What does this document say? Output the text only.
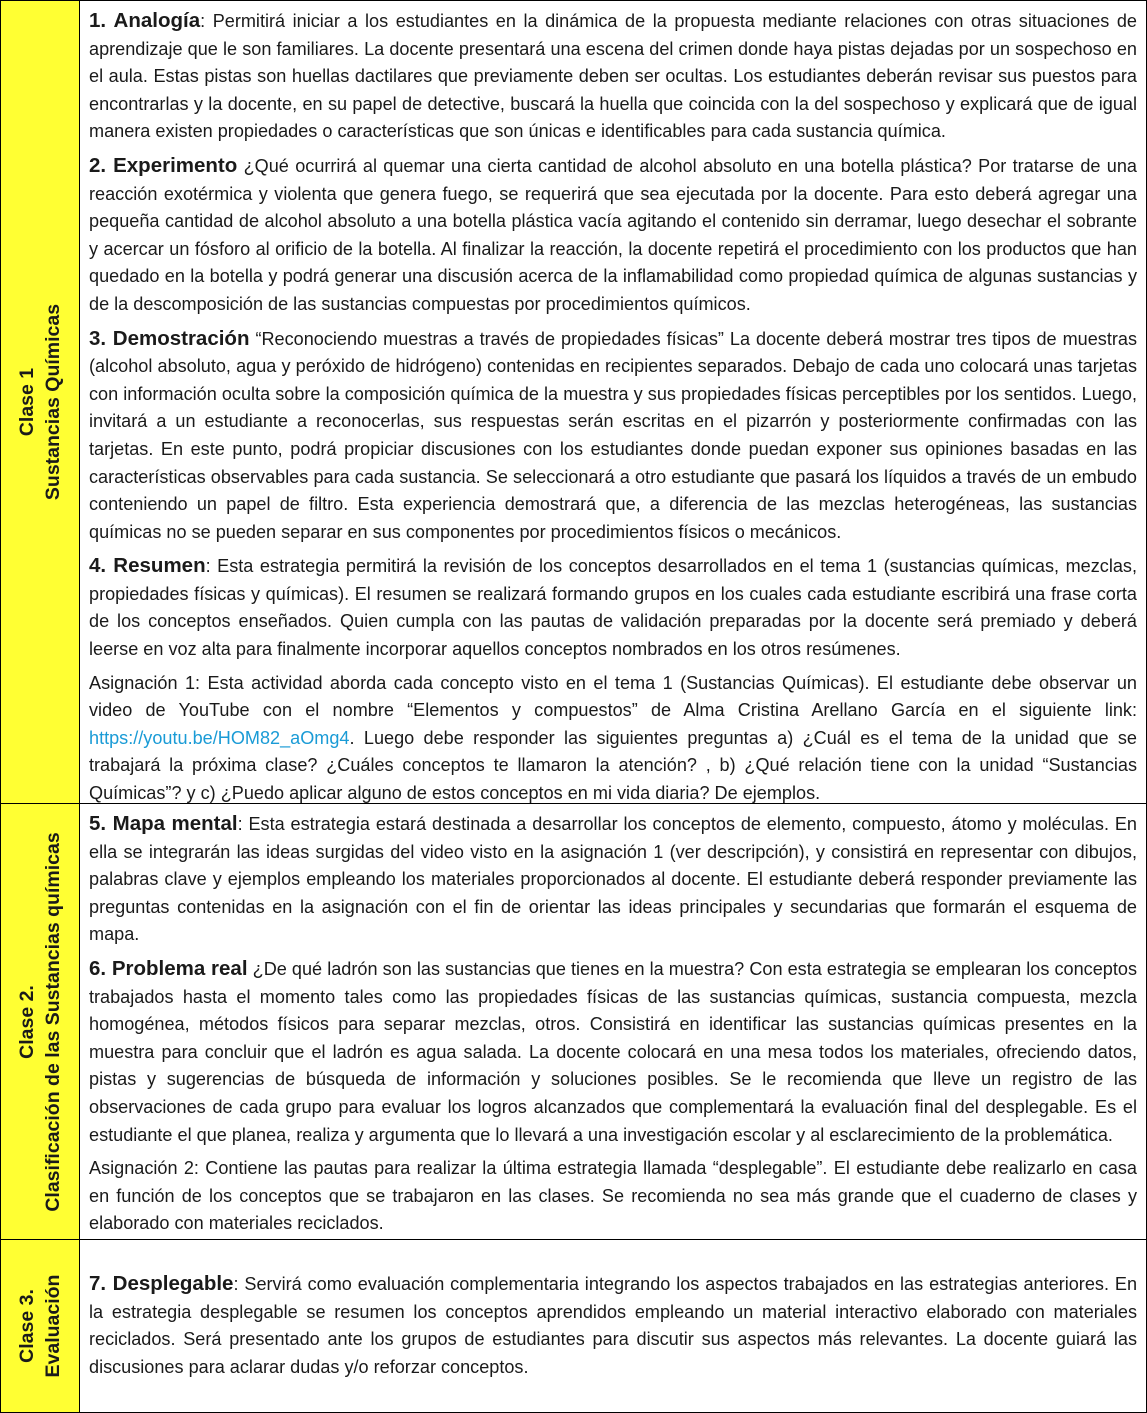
Clase 1 Sustancias Químicas

1. Analogía: Permitirá iniciar a los estudiantes en la dinámica de la propuesta mediante relaciones con otras situaciones de aprendizaje que le son familiares. La docente presentará una escena del crimen donde haya pistas dejadas por un sospechoso en el aula. Estas pistas son huellas dactilares que previamente deben ser ocultas. Los estudiantes deberán revisar sus puestos para encontrarlas y la docente, en su papel de detective, buscará la huella que coincida con la del sospechoso y explicará que de igual manera existen propiedades o características que son únicas e identificables para cada sustancia química.

2. Experimento ¿Qué ocurrirá al quemar una cierta cantidad de alcohol absoluto en una botella plástica? Por tratarse de una reacción exotérmica y violenta que genera fuego, se requerirá que sea ejecutada por la docente. Para esto deberá agregar una pequeña cantidad de alcohol absoluto a una botella plástica vacía agitando el contenido sin derramar, luego desechar el sobrante y acercar un fósforo al orificio de la botella. Al finalizar la reacción, la docente repetirá el procedimiento con los productos que han quedado en la botella y podrá generar una discusión acerca de la inflamabilidad como propiedad química de algunas sustancias y de la descomposición de las sustancias compuestas por procedimientos químicos.

3. Demostración “Reconociendo muestras a través de propiedades físicas” La docente deberá mostrar tres tipos de muestras (alcohol absoluto, agua y peróxido de hidrógeno) contenidas en recipientes separados. Debajo de cada uno colocará unas tarjetas con información oculta sobre la composición química de la muestra y sus propiedades físicas perceptibles por los sentidos. Luego, invitará a un estudiante a reconocerlas, sus respuestas serán escritas en el pizarrón y posteriormente confirmadas con las tarjetas. En este punto, podrá propiciar discusiones con los estudiantes donde puedan exponer sus opiniones basadas en las características observables para cada sustancia. Se seleccionará a otro estudiante que pasará los líquidos a través de un embudo conteniendo un papel de filtro. Esta experiencia demostrará que, a diferencia de las mezclas heterogéneas, las sustancias químicas no se pueden separar en sus componentes por procedimientos físicos o mecánicos.

4. Resumen: Esta estrategia permitirá la revisión de los conceptos desarrollados en el tema 1 (sustancias químicas, mezclas, propiedades físicas y químicas). El resumen se realizará formando grupos en los cuales cada estudiante escribirá una frase corta de los conceptos enseñados. Quien cumpla con las pautas de validación preparadas por la docente será premiado y deberá leerse en voz alta para finalmente incorporar aquellos conceptos nombrados en los otros resúmenes.

Asignación 1: Esta actividad aborda cada concepto visto en el tema 1 (Sustancias Químicas). El estudiante debe observar un video de YouTube con el nombre “Elementos y compuestos” de Alma Cristina Arellano García en el siguiente link: https://youtu.be/HOM82_aOmg4. Luego debe responder las siguientes preguntas a) ¿Cuál es el tema de la unidad que se trabajará la próxima clase? ¿Cuáles conceptos te llamaron la atención? , b) ¿Qué relación tiene con la unidad “Sustancias Químicas”? y c) ¿Puedo aplicar alguno de estos conceptos en mi vida diaria? De ejemplos.

Clase 2. Clasificación de las Sustancias químicas

5. Mapa mental: Esta estrategia estará destinada a desarrollar los conceptos de elemento, compuesto, átomo y moléculas. En ella se integrarán las ideas surgidas del video visto en la asignación 1 (ver descripción), y consistirá en representar con dibujos, palabras clave y ejemplos empleando los materiales proporcionados al docente. El estudiante deberá responder previamente las preguntas contenidas en la asignación con el fin de orientar las ideas principales y secundarias que formarán el esquema de mapa.

6. Problema real ¿De qué ladrón son las sustancias que tienes en la muestra? Con esta estrategia se emplearan los conceptos trabajados hasta el momento tales como las propiedades físicas de las sustancias químicas, sustancia compuesta, mezcla homogénea, métodos físicos para separar mezclas, otros. Consistirá en identificar las sustancias químicas presentes en la muestra para concluir que el ladrón es agua salada. La docente colocará en una mesa todos los materiales, ofreciendo datos, pistas y sugerencias de búsqueda de información y soluciones posibles. Se le recomienda que lleve un registro de las observaciones de cada grupo para evaluar los logros alcanzados que complementará la evaluación final del desplegable. Es el estudiante el que planea, realiza y argumenta que lo llevará a una investigación escolar y al esclarecimiento de la problemática.

Asignación 2: Contiene las pautas para realizar la última estrategia llamada “desplegable”. El estudiante debe realizarlo en casa en función de los conceptos que se trabajaron en las clases. Se recomienda no sea más grande que el cuaderno de clases y elaborado con materiales reciclados.

Clase 3. Evaluación 7. Desplegable: Servirá como evaluación complementaria integrando los aspectos trabajados en las estrategias anteriores. En la estrategia desplegable se resumen los conceptos aprendidos empleando un material interactivo elaborado con materiales reciclados. Será presentado ante los grupos de estudiantes para discutir sus aspectos más relevantes. La docente guiará las discusiones para aclarar dudas y/o reforzar conceptos.
